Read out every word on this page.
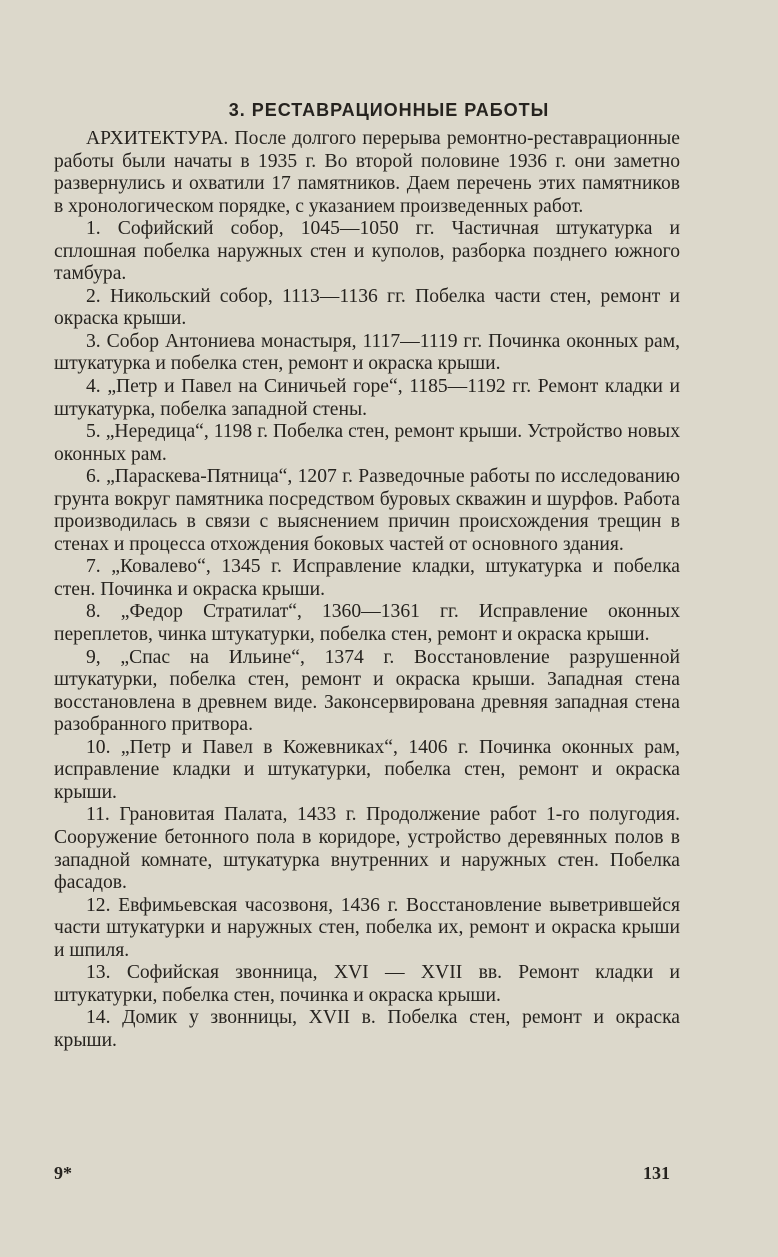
3. РЕСТАВРАЦИОННЫЕ РАБОТЫ

АРХИТЕКТУРА. После долгого перерыва ремонтно-реставрационные работы были начаты в 1935 г. Во второй половине 1936 г. они заметно развернулись и охватили 17 памятников. Даем перечень этих памятников в хронологическом порядке, с указанием произведенных работ.

1. Софийский собор, 1045—1050 гг. Частичная штукатурка и сплошная побелка наружных стен и куполов, разборка позднего южного тамбура.

2. Никольский собор, 1113—1136 гг. Побелка части стен, ремонт и окраска крыши.

3. Собор Антониева монастыря, 1117—1119 гг. Починка оконных рам, штукатурка и побелка стен, ремонт и окраска крыши.

4. „Петр и Павел на Синичьей горе“, 1185—1192 гг. Ремонт кладки и штукатурка, побелка западной стены.

5. „Нередица“, 1198 г. Побелка стен, ремонт крыши. Устройство новых оконных рам.

6. „Параскева-Пятница“, 1207 г. Разведочные работы по исследованию грунта вокруг памятника посредством буровых скважин и шурфов. Работа производилась в связи с выяснением причин происхождения трещин в стенах и процесса отхождения боковых частей от основного здания.

7. „Ковалево“, 1345 г. Исправление кладки, штукатурка и побелка стен. Починка и окраска крыши.

8. „Федор Стратилат“, 1360—1361 гг. Исправление оконных переплетов, чинка штукатурки, побелка стен, ремонт и окраска крыши.

9, „Спас на Ильине“, 1374 г. Восстановление разрушенной штукатурки, побелка стен, ремонт и окраска крыши. Западная стена восстановлена в древнем виде. Законсервирована древняя западная стена разобранного притвора.

10. „Петр и Павел в Кожевниках“, 1406 г. Починка оконных рам, исправление кладки и штукатурки, побелка стен, ремонт и окраска крыши.

11. Грановитая Палата, 1433 г. Продолжение работ 1-го полугодия. Сооружение бетонного пола в коридоре, устройство деревянных полов в западной комнате, штукатурка внутренних и наружных стен. Побелка фасадов.

12. Евфимьевская часозвоня, 1436 г. Восстановление выветрившейся части штукатурки и наружных стен, побелка их, ремонт и окраска крыши и шпиля.

13. Софийская звонница, XVI — XVII вв. Ремонт кладки и штукатурки, побелка стен, починка и окраска крыши.

14. Домик у звонницы, XVII в. Побелка стен, ремонт и окраска крыши.

9*	131
